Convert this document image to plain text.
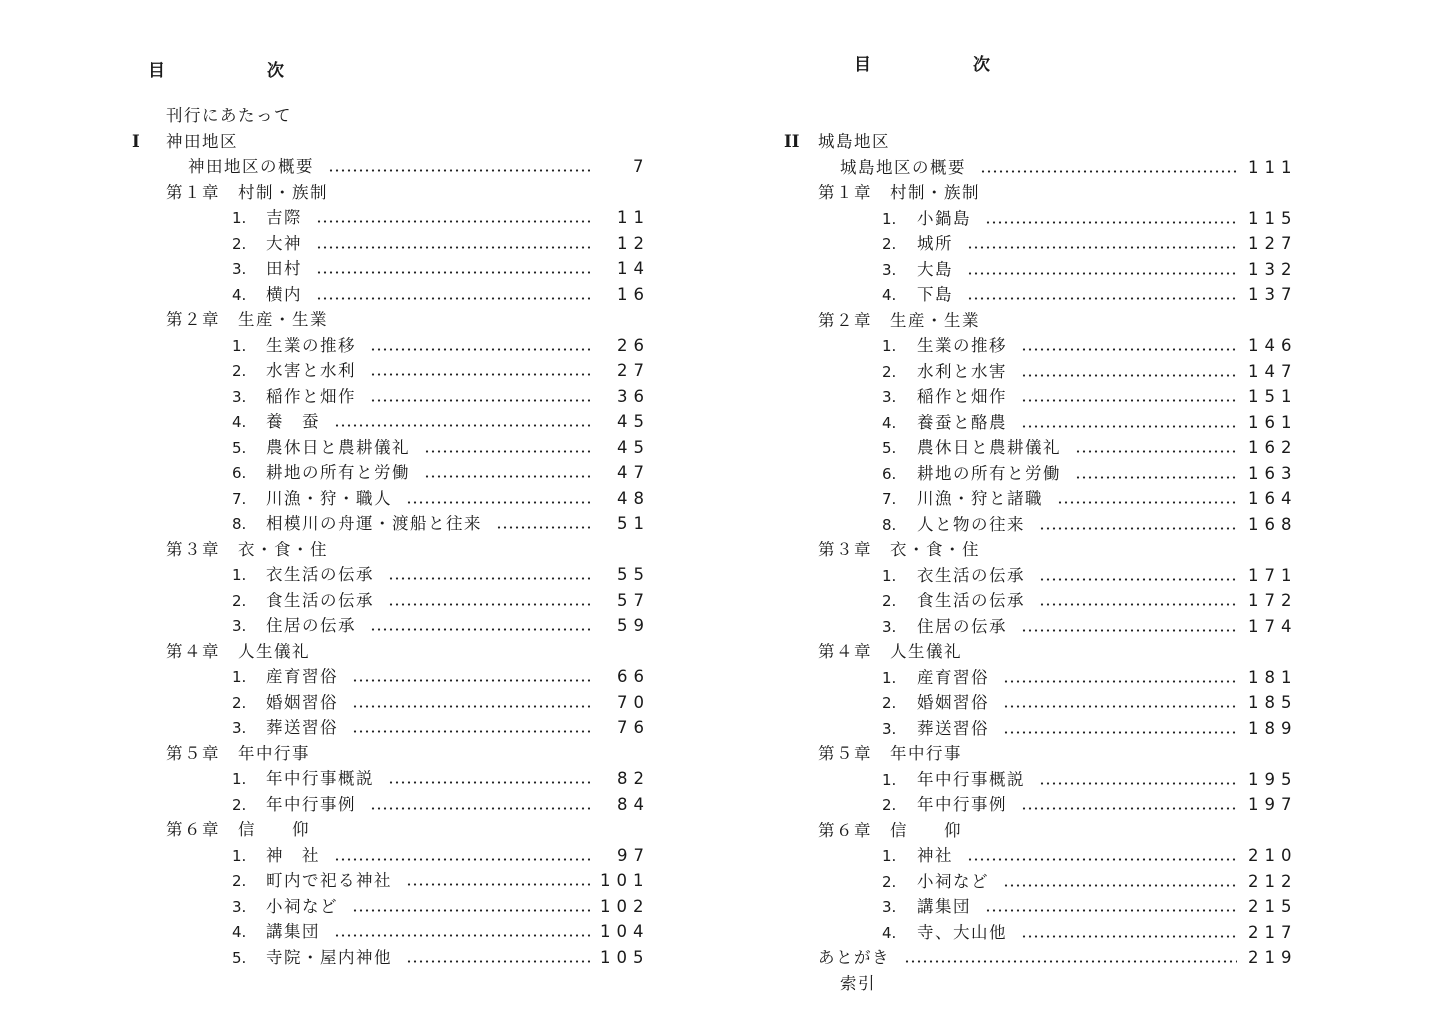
目	次
刊行にあたって
I 神田地区
神田地区の概要	7
第１章　村制・族制
1. 吉際	11
2. 大神	12
3. 田村	14
4. 横内	16
第２章　生産・生業
1. 生業の推移	26
2. 水害と水利	27
3. 稲作と畑作	36
4. 養　蚕	45
5. 農休日と農耕儀礼	45
6. 耕地の所有と労働	47
7. 川漁・狩・職人	48
8. 相模川の舟運・渡船と往来	51
第３章　衣・食・住
1. 衣生活の伝承	55
2. 食生活の伝承	57
3. 住居の伝承	59
第４章　人生儀礼
1. 産育習俗	66
2. 婚姻習俗	70
3. 葬送習俗	76
第５章　年中行事
1. 年中行事概説	82
2. 年中行事例	84
第６章　信　　仰
1. 神　社	97
2. 町内で祀る神社	101
3. 小祠など	102
4. 講集団	104
5. 寺院・屋内神他	105
目	次
II 城島地区
城島地区の概要	111
第１章　村制・族制
1. 小鍋島	115
2. 城所	127
3. 大島	132
4. 下島	137
第２章　生産・生業
1. 生業の推移	146
2. 水利と水害	147
3. 稲作と畑作	151
4. 養蚕と酪農	161
5. 農休日と農耕儀礼	162
6. 耕地の所有と労働	163
7. 川漁・狩と諸職	164
8. 人と物の往来	168
第３章　衣・食・住
1. 衣生活の伝承	171
2. 食生活の伝承	172
3. 住居の伝承	174
第４章　人生儀礼
1. 産育習俗	181
2. 婚姻習俗	185
3. 葬送習俗	189
第５章　年中行事
1. 年中行事概説	195
2. 年中行事例	197
第６章　信　　仰
1. 神社	210
2. 小祠など	212
3. 講集団	215
4. 寺、大山他	217
あとがき	219
索引
